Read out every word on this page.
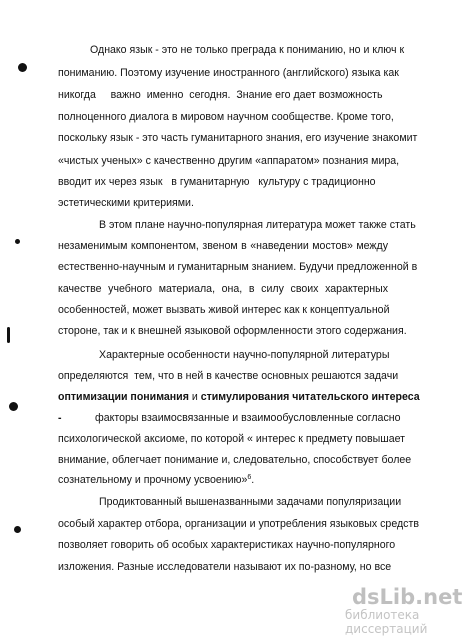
Однако язык - это не только преграда к пониманию, но и ключ к
пониманию. Поэтому изучение иностранного (английского) языка как
никогда     важно  именно  сегодня.  Знание его дает возможность
полноценного диалога в мировом научном сообществе. Кроме того,
поскольку язык - это часть гуманитарного знания, его изучение знакомит
«чистых ученых» с качественно другим «аппаратом» познания мира,
вводит их через язык   в гуманитарную   культуру с традиционно
эстетическими критериями.
В этом плане научно-популярная литература может также стать
незаменимым компонентом, звеном в «наведении мостов» между
естественно-научным и гуманитарным знанием. Будучи предложенной в
качестве учебного материала, она, в силу своих характерных
особенностей, может вызвать живой интерес как к концептуальной
стороне, так и к внешней языковой оформленности этого содержания.
Характерные особенности научно-популярной литературы
определяются  тем, что в ней в качестве основных решаются задачи
оптимизации понимания и стимулирования читательского интереса
-	факторы взаимосвязанные и взаимообусловленные согласно
психологической аксиоме, по которой « интерес к предмету повышает
внимание, облегчает понимание и, следовательно, способствует более
сознательному и прочному усвоению»$^6$.
Продиктованный вышеназванными задачами популяризации
особый характер отбора, организации и употребления языковых средств
позволяет говорить об особых характеристиках научно-популярного
изложения. Разные исследователи называют их по-разному, но все
dsLib.net
библиотека диссертаций
